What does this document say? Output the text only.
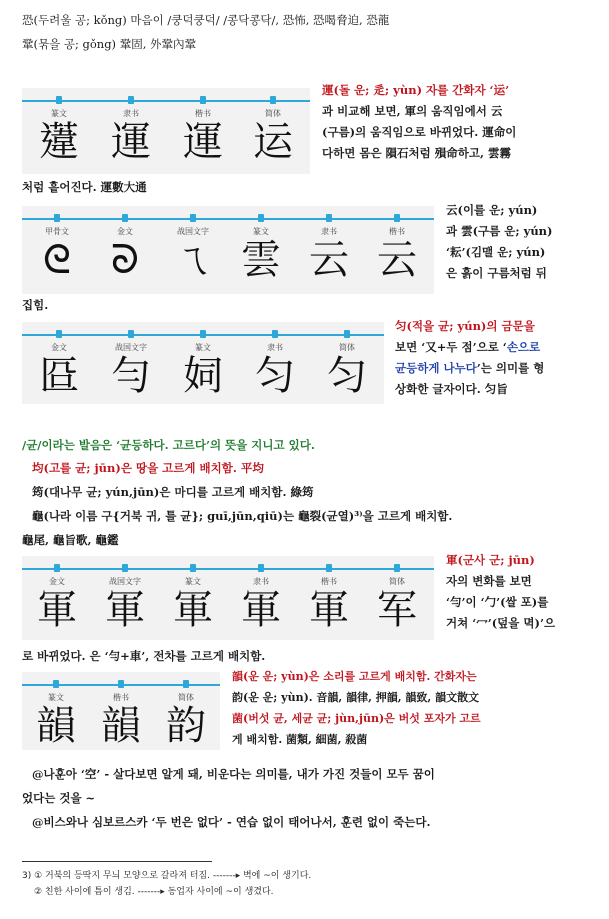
恐(두려울 공; kǒng) 마음이 /쿵덕쿵덕/ /콩닥콩닥/, 恐怖, 恐喝脅迫, 恐龍
鞏(묶을 공; gǒng) 鞏固, 外鞏內鞏
篆文
𨗨
隶书
運
楷书
運
简体
运
運(돌 운; 辵; yùn) 자를 간화자 ‘运’
과 비교해 보면, 軍의 움직임에서 云
(구름)의 움직임으로 바뀌었다. 運命이
다하면 몸은 隕石처럼 殞命하고, 雲霧
처럼 흩어진다. 運數大通
甲骨文
ᘓ
金文
ᘐ
战国文字
ㄟ
篆文
雲
隶书
云
楷书
云
云(이를 운; yún)
과 雲(구름 운; yún)
‘耘’(김맬 운; yún)
은 흙이 구름처럼 뒤
집힘.
金文
㔯
战国文字
勻
篆文
㚸
隶书
匀
简体
匀
匀(적을 균; yún)의 금문을
보면 ‘又+두 점’으로 ‘손으로
균등하게 나누다’는 의미를 형
상화한 글자이다. 匀旨
/균/이라는 발음은 ‘균등하다. 고르다’의 뜻을 지니고 있다.
均(고를 균; jūn)은 땅을 고르게 배치함. 平均
筠(대나무 균; yún,jūn)은 마디를 고르게 배치함. 綠筠
龜(나라 이름 구{거북 귀, 틀 균}; guī,jūn,qiū)는 龜裂(균열)³⁾을 고르게 배치함.
龜尾, 龜旨歌, 龜鑑
金文
軍
战国文字
軍
篆文
軍
隶书
軍
楷书
軍
简体
军
軍(군사 군; jūn)
자의 변화를 보면
‘勻’이 ‘勹’(쌀 포)를
거쳐 ‘冖’(덮을 멱)’으
로 바뀌었다. 은 ‘勻+車’, 전차를 고르게 배치함.
篆文
韻
楷书
韻
简体
韵
韻(운 운; yùn)은 소리를 고르게 배치함. 간화자는
韵(운 운; yùn). 音韻, 韻律, 押韻, 韻致, 韻文散文
菌(버섯 균, 세균 균; jùn,jūn)은 버섯 포자가 고르
게 배치함. 菌類, 細菌, 殺菌
@나훈아 ‘空’ - 살다보면 알게 돼, 비운다는 의미를, 내가 가진 것들이 모두 꿈이
었다는 것을 ~
@비스와나 심보르스카 ‘두 번은 없다’ - 연습 없이 태어나서, 훈련 없이 죽는다.
3) ① 거북의 등딱지 무늬 모양으로 갈라져 터짐. -------▸ 벽에 ~이 생기다.
② 친한 사이에 틈이 생김. -------▸ 동업자 사이에 ~이 생겼다.
